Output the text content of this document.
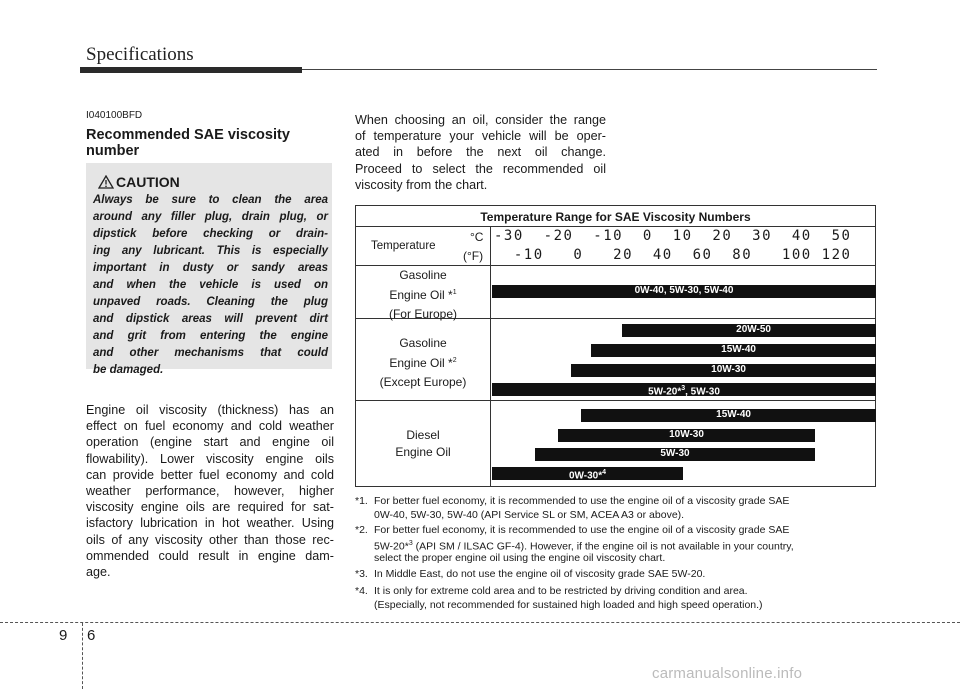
Specifications
I040100BFD
Recommended SAE viscosity
number
CAUTION
Always be sure to clean the area
around any filler plug, drain plug, or
dipstick before checking or drain-
ing any lubricant. This is especially
important in dusty or sandy areas
and when the vehicle is used on
unpaved roads. Cleaning the plug
and dipstick areas will prevent dirt
and grit from entering the engine
and other mechanisms that could
be damaged.
Engine oil viscosity (thickness) has an
effect on fuel economy and cold weather
operation (engine start and engine oil
flowability). Lower viscosity engine oils
can provide better fuel economy and cold
weather performance, however, higher
viscosity engine oils are required for sat-
isfactory lubrication in hot weather. Using
oils of any viscosity other than those rec-
ommended could result in engine dam-
age.
When choosing an oil, consider the range
of temperature your vehicle will be oper-
ated in before the next oil change.
Proceed to select the recommended oil
viscosity from the chart.
Temperature Range for SAE Viscosity Numbers
Temperature
°C
(°F)
-30  -20  -10  0  10  20  30  40  50
-10   0   20  40  60  80   100 120
Gasoline
Engine Oil *$^1$
(For Europe)
Gasoline
Engine Oil *$^2$
(Except Europe)
Diesel
Engine Oil
0W-40, 5W-30, 5W-40
20W-50
15W-40
10W-30
5W-20*$^3$, 5W-30
15W-40
10W-30
5W-30
0W-30*$^4$
*1. For better fuel economy, it is recommended to use the engine oil of a viscosity grade SAE
0W-40, 5W-30, 5W-40 (API Service SL or SM, ACEA A3 or above).
*2. For better fuel economy, it is recommended to use the engine oil of a viscosity grade SAE
5W-20*$^3$ (API SM / ILSAC GF-4). However, if the engine oil is not available in your country,
select the proper engine oil using the engine oil viscosity chart.
*3. In Middle East, do not use the engine oil of viscosity grade SAE 5W-20.
*4. It is only for extreme cold area and to be restricted by driving condition and area.
(Especially, not recommended for sustained high loaded and high speed operation.)
9 6
carmanualsonline.info
